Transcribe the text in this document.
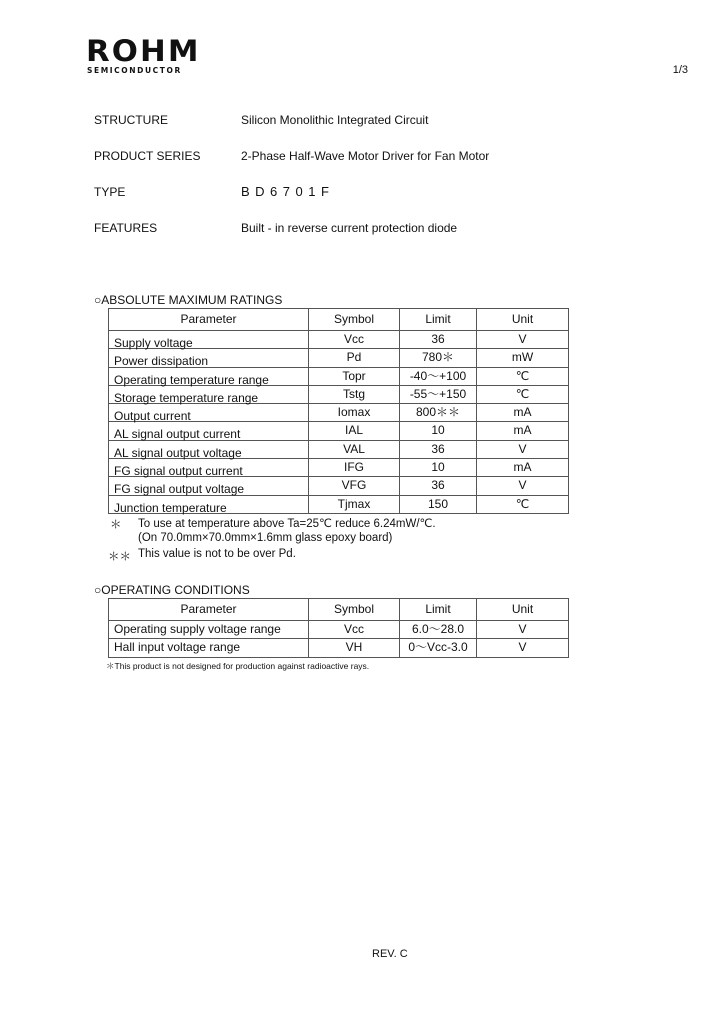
ROHM
SEMICONDUCTOR	1/3
STRUCTURE	Silicon Monolithic Integrated Circuit
PRODUCT SERIES	2-Phase Half-Wave Motor Driver for Fan Motor
TYPE	BD6701F
FEATURES	Built - in reverse current protection diode
○ABSOLUTE MAXIMUM RATINGS
Parameter	Symbol	Limit	Unit
Supply voltage	Vcc	36	V
Power dissipation	Pd	780＊	mW
Operating temperature range	Topr	-40～+100	℃
Storage temperature range	Tstg	-55～+150	℃
Output current	Iomax	800＊＊	mA
AL signal output current	IAL	10	mA
AL signal output voltage	VAL	36	V
FG signal output current	IFG	10	mA
FG signal output voltage	VFG	36	V
Junction temperature	Tjmax	150	℃
＊ To use at temperature above Ta=25℃ reduce 6.24mW/℃.
(On 70.0mm×70.0mm×1.6mm glass epoxy board)
＊＊ This value is not to be over Pd.
○OPERATING CONDITIONS
Parameter	Symbol	Limit	Unit
Operating supply voltage range	Vcc	6.0～28.0	V
Hall input voltage range	VH	0～Vcc-3.0	V
＊This product is not designed for production against radioactive rays.
REV. C
